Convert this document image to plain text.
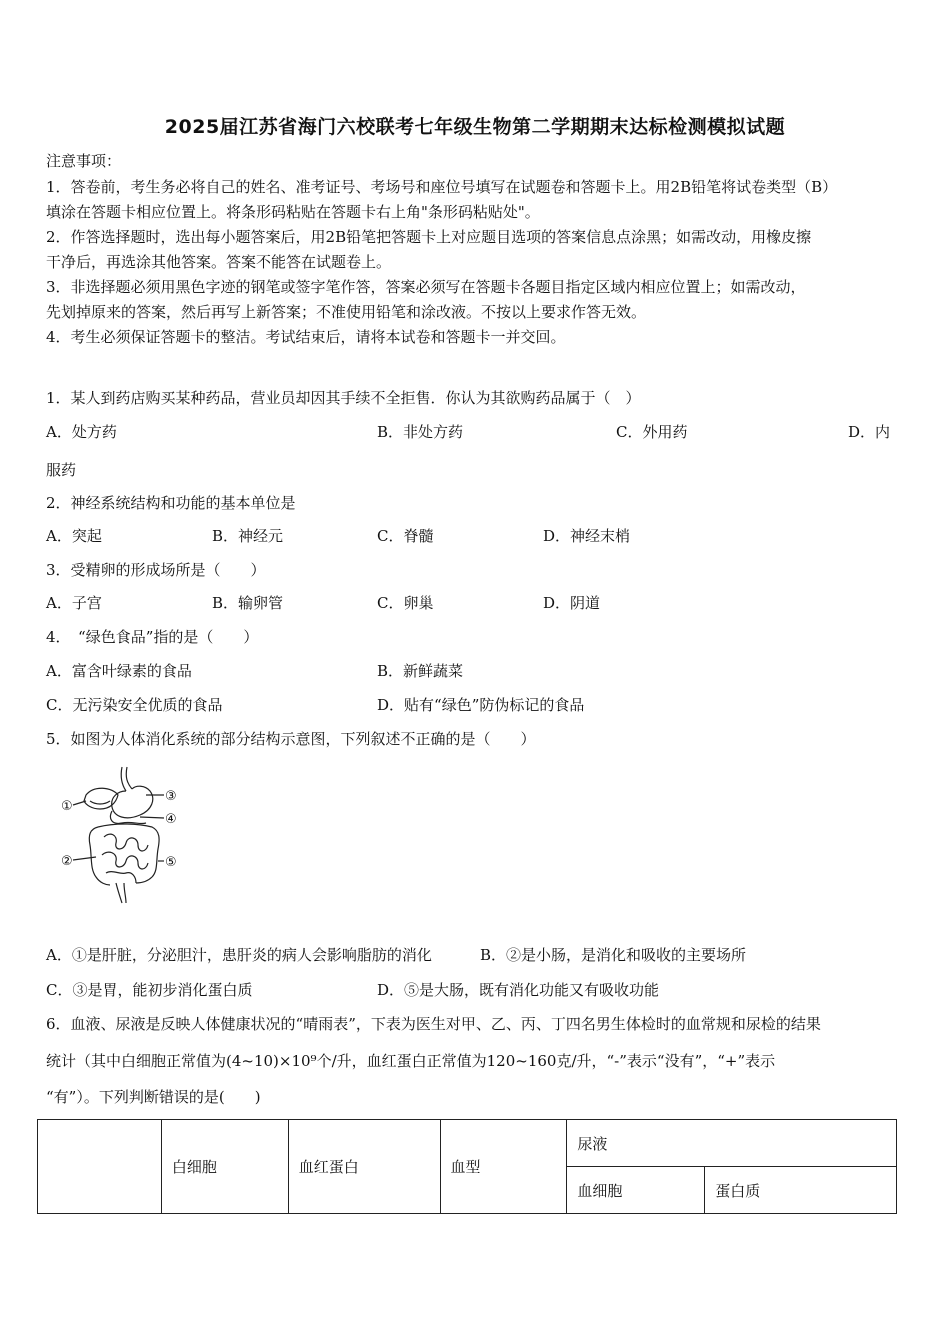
2025届江苏省海门六校联考七年级生物第二学期期末达标检测模拟试题
注意事项：
1．答卷前，考生务必将自己的姓名、准考证号、考场号和座位号填写在试题卷和答题卡上。用2B铅笔将试卷类型（B）
填涂在答题卡相应位置上。将条形码粘贴在答题卡右上角"条形码粘贴处"。
2．作答选择题时，选出每小题答案后，用2B铅笔把答题卡上对应题目选项的答案信息点涂黑；如需改动，用橡皮擦
干净后，再选涂其他答案。答案不能答在试题卷上。
3．非选择题必须用黑色字迹的钢笔或签字笔作答，答案必须写在答题卡各题目指定区域内相应位置上；如需改动，
先划掉原来的答案，然后再写上新答案；不准使用铅笔和涂改液。不按以上要求作答无效。
4．考生必须保证答题卡的整洁。考试结束后，请将本试卷和答题卡一并交回。
1．某人到药店购买某种药品，营业员却因其手续不全拒售．你认为其欲购药品属于（　）
A．处方药	B．非处方药	C．外用药	D．内
服药
2．神经系统结构和功能的基本单位是
A．突起	B．神经元	C．脊髓	D．神经末梢
3．受精卵的形成场所是（　　）
A．子宫	B．输卵管	C．卵巢	D．阴道
4．　“绿色食品”指的是（　　）
A．富含叶绿素的食品	B．新鲜蔬菜
C．无污染安全优质的食品	D．贴有“绿色”防伪标记的食品
5．如图为人体消化系统的部分结构示意图，下列叙述不正确的是（　　）
①
②
③
④
⑤
A．①是肝脏，分泌胆汁，患肝炎的病人会影响脂肪的消化	B．②是小肠，是消化和吸收的主要场所
C．③是胃，能初步消化蛋白质	D．⑤是大肠，既有消化功能又有吸收功能
6．血液、尿液是反映人体健康状况的“晴雨表”，下表为医生对甲、乙、丙、丁四名男生体检时的血常规和尿检的结果
统计（其中白细胞正常值为(4~10)×10⁹个/升，血红蛋白正常值为120~160克/升，“-”表示“没有”，“+”表示
“有”）。下列判断错误的是(　　)
	白细胞	血红蛋白	血型	尿液	
				血细胞	蛋白质
